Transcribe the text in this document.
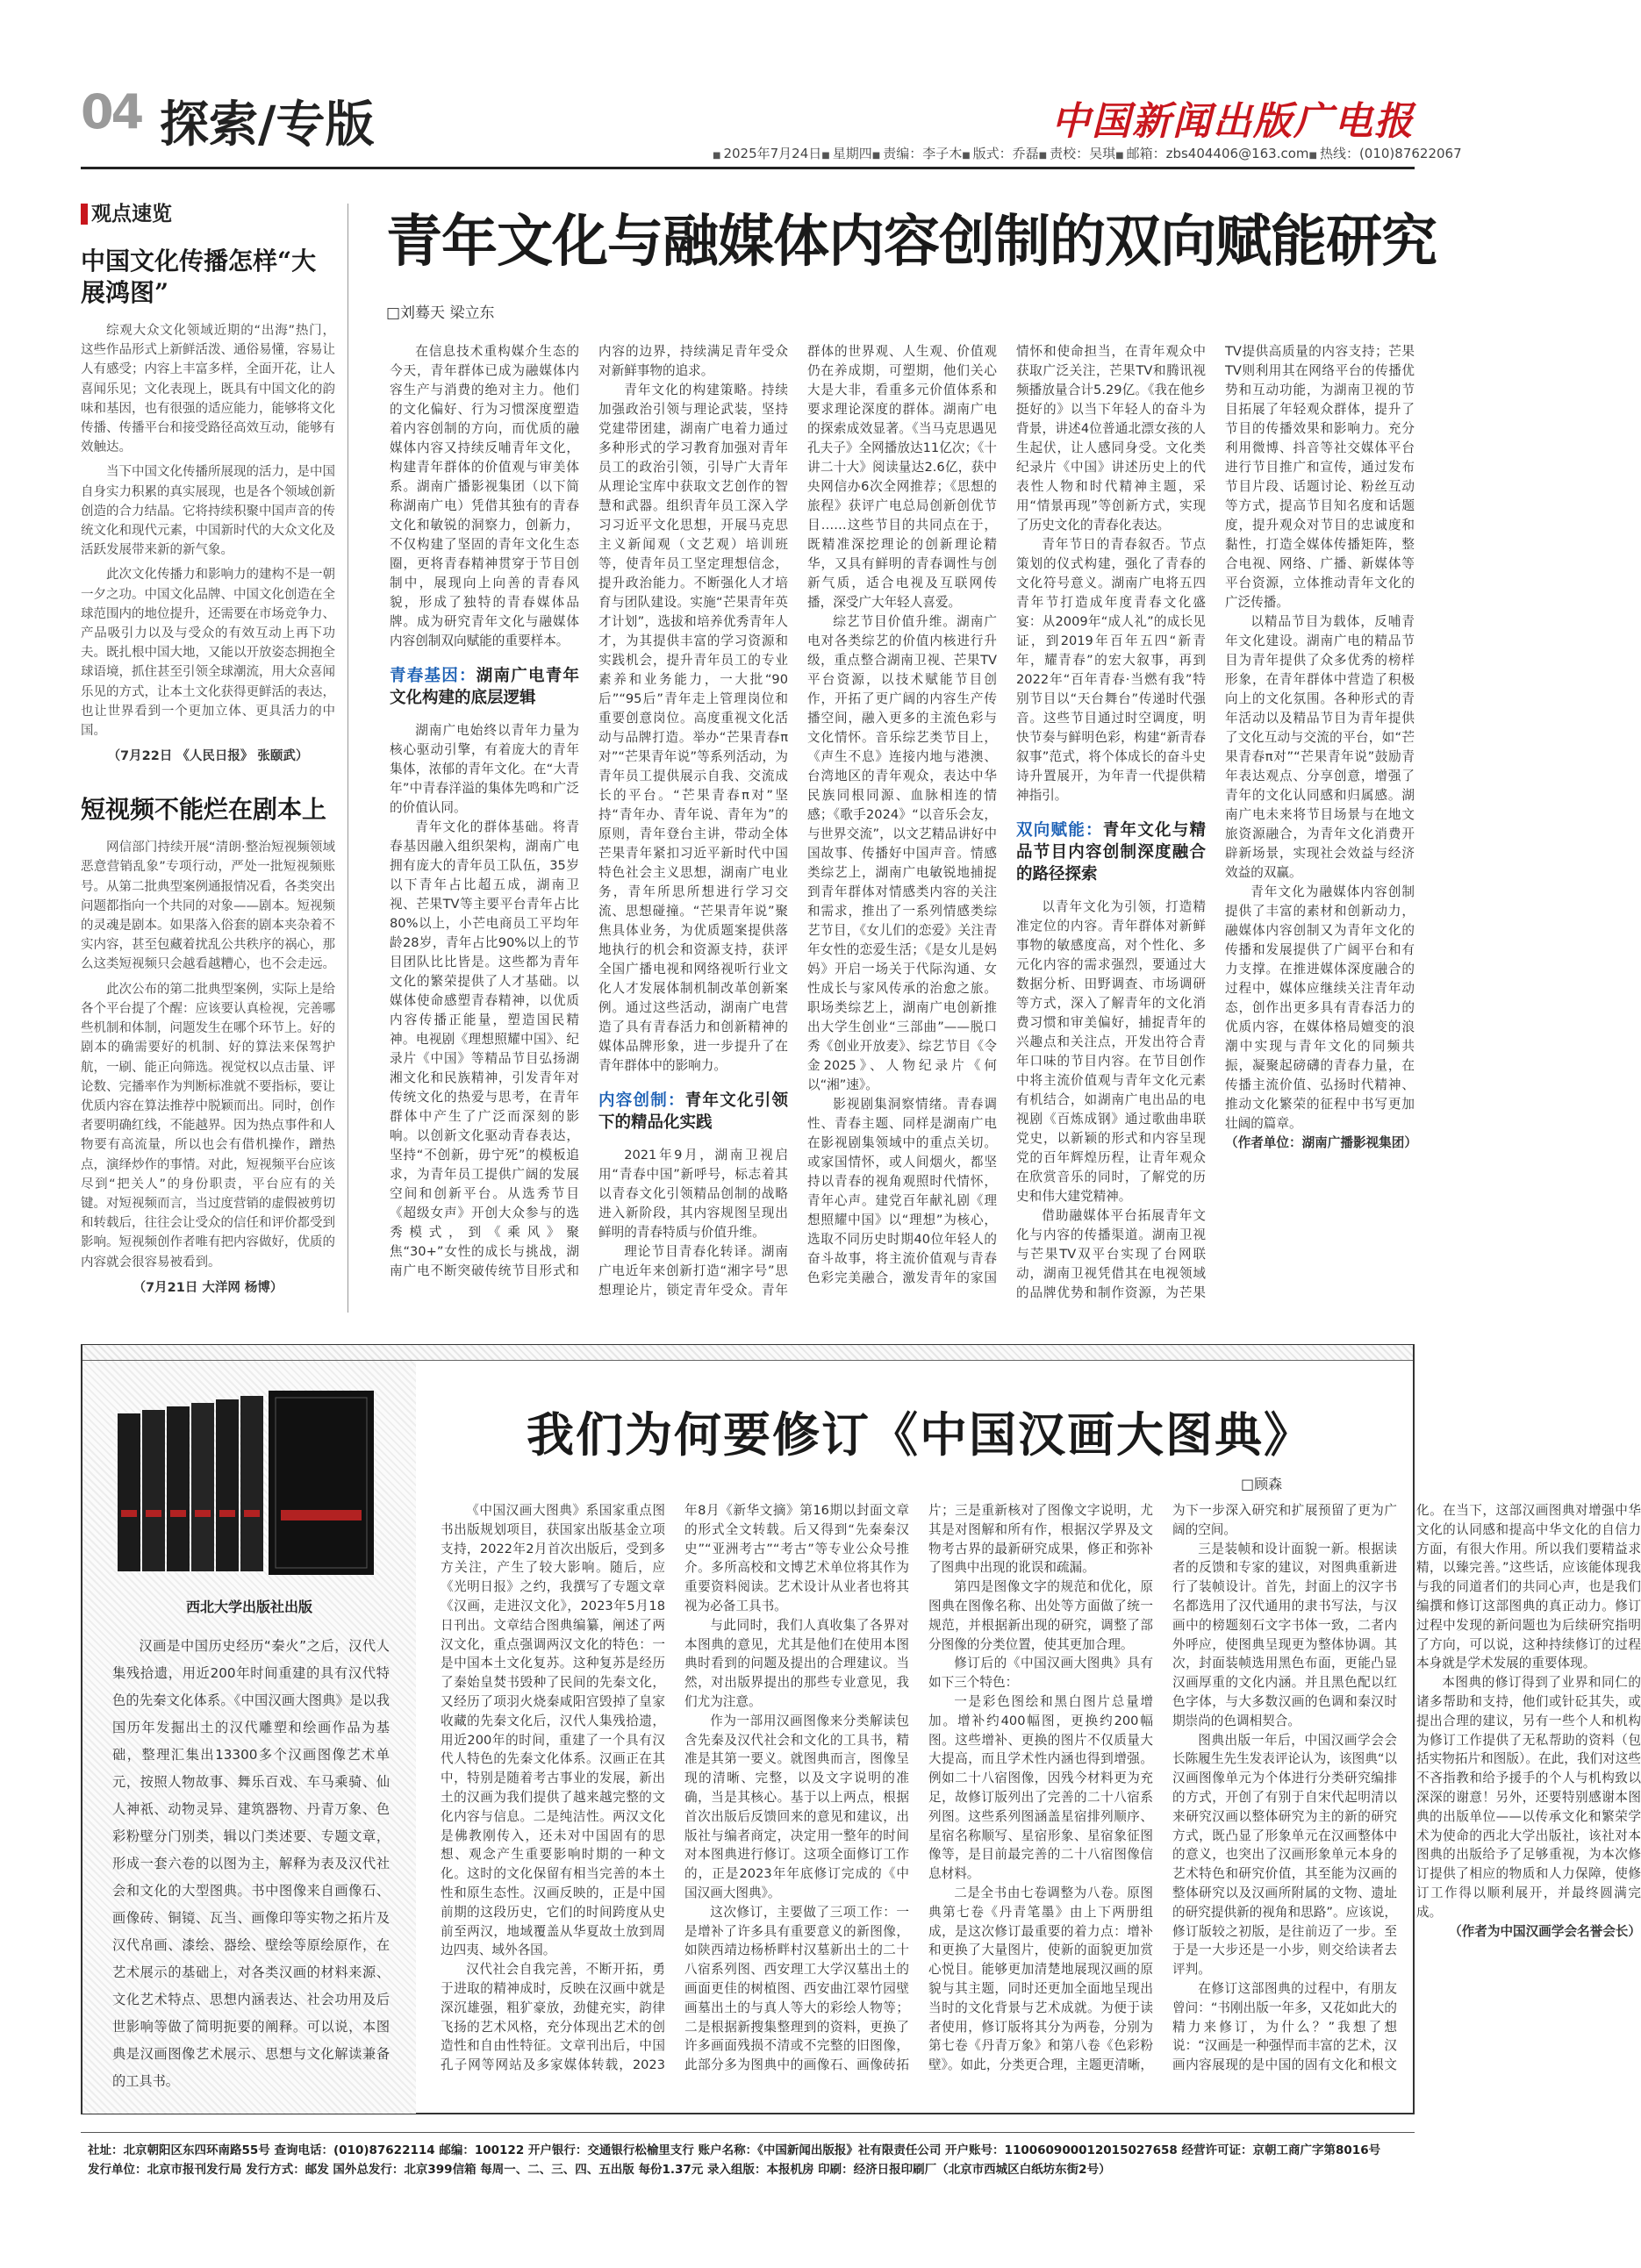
04 探索/专版	中国新闻出版广电报
■ 2025年7月24日 ■ 星期四 ■ 责编：李子木 ■ 版式：乔磊 ■ 责校：吴琪 ■ 邮箱：zbs404406@163.com ■ 热线：(010)87622067
观点速览
中国文化传播怎样“大展鸿图”

综观大众文化领域近期的“出海”热门，这些作品形式上新鲜活泼、通俗易懂，容易让人有感受；内容上丰富多样，全面开花，让人喜闻乐见；文化表现上，既具有中国文化的韵味和基因，也有很强的适应能力，能够将文化传播、传播平台和接受路径高效互动，能够有效触达。

当下中国文化传播所展现的活力，是中国自身实力积累的真实展现，也是各个领域创新创造的合力结晶。它将持续积聚中国声音的传统文化和现代元素，中国新时代的大众文化及活跃发展带来新的新气象。

此次文化传播力和影响力的建构不是一朝一夕之功。中国文化品牌、中国文化创造在全球范围内的地位提升，还需要在市场竞争力、产品吸引力以及与受众的有效互动上再下功夫。既扎根中国大地，又能以开放姿态拥抱全球语境，抓住甚至引领全球潮流，用大众喜闻乐见的方式，让本土文化获得更鲜活的表达，也让世界看到一个更加立体、更具活力的中国。

（7月22日 《人民日报》 张颐武）
短视频不能烂在剧本上

网信部门持续开展“清朗·整治短视频领域恶意营销乱象”专项行动，严处一批短视频账号。从第二批典型案例通报情况看，各类突出问题都指向一个共同的对象——剧本。短视频的灵魂是剧本。如果落入俗套的剧本夹杂着不实内容，甚至包藏着扰乱公共秩序的祸心，那么这类短视频只会越看越糟心，也不会走远。

此次公布的第二批典型案例，实际上是给各个平台提了个醒：应该要认真检视，完善哪些机制和体制，问题发生在哪个环节上。好的剧本的确需要好的机制、好的算法来保驾护航，一刷、能正向筛选。视觉权以点击量、评论数、完播率作为判断标准就不要指标，要让优质内容在算法推荐中脱颖而出。同时，创作者要明确红线，不能越界。因为热点事件和人物要有高流量，所以也会有借机操作，蹭热点，演绎炒作的事情。对此，短视频平台应该尽到“把关人”的身份职责，平台应有的关键。对短视频而言，当过度营销的虚假被剪切和转载后，往往会让受众的信任和评价都受到影响。短视频创作者唯有把内容做好，优质的内容就会很容易被看到。

（7月21日 大洋网 杨博）
青年文化与融媒体内容创制的双向赋能研究
□刘蓦天 梁立东

在信息技术重构媒介生态的今天，青年群体已成为融媒体内容生产与消费的绝对主力。他们的文化偏好、行为习惯深度塑造着内容创制的方向，而优质的融媒体内容又持续反哺青年文化，构建青年群体的价值观与审美体系。湖南广播影视集团（以下简称湖南广电）凭借其独有的青春文化和敏锐的洞察力，创新力，不仅构建了坚固的青年文化生态圈，更将青春精神贯穿于节目创制中，展现向上向善的青春风貌，形成了独特的青春媒体品牌。成为研究青年文化与融媒体内容创制双向赋能的重要样本。

青春基因：湖南广电青年文化构建的底层逻辑

湖南广电始终以青年力量为核心驱动引擎，有着庞大的青年集体，浓郁的青年文化。在“大青年”中青春洋溢的集体先鸣和广泛的价值认同。

青年文化的群体基础。将青春基因融入组织架构，湖南广电拥有庞大的青年员工队伍，35岁以下青年占比超五成，湖南卫视、芒果TV等主要平台青年占比80%以上，小芒电商员工平均年龄28岁，青年占比90%以上的节目团队比比皆是。这些都为青年文化的繁荣提供了人才基础。以媒体使命感塑青春精神，以优质内容传播正能量，塑造国民精神。电视剧《理想照耀中国》、纪录片《中国》等精品节目弘扬湖湘文化和民族精神，引发青年对传统文化的热爱与思考，在青年群体中产生了广泛而深刻的影响。以创新文化驱动青春表达，坚持“不创新，毋宁死”的模板追求，为青年员工提供广阔的发展空间和创新平台。从选秀节目《超级女声》开创大众参与的选秀模式，到《乘风》聚焦“30+”女性的成长与挑战，湖南广电不断突破传统节目形式和内容的边界，持续满足青年受众对新鲜事物的追求。

青年文化的构建策略。持续加强政治引领与理论武装，坚持党建带团建，湖南广电着力通过多种形式的学习教育加强对青年员工的政治引领，引导广大青年从理论宝库中获取文艺创作的智慧和武器。组织青年员工深入学习习近平文化思想，开展马克思主义新闻观（文艺观）培训班等，使青年员工坚定理想信念，提升政治能力。不断强化人才培育与团队建设。实施“芒果青年英才计划”，选拔和培养优秀青年人才，为其提供丰富的学习资源和实践机会，提升青年员工的专业素养和业务能力，一大批“90后”“95后”青年走上管理岗位和重要创意岗位。高度重视文化活动与品牌打造。举办“芒果青春π对”“芒果青年说”等系列活动，为青年员工提供展示自我、交流成长的平台。“芒果青春π对”坚持“青年办、青年说、青年为”的原则，青年登台主讲，带动全体芒果青年紧扣习近平新时代中国特色社会主义思想，湖南广电业务，青年所思所想进行学习交流、思想碰撞。“芒果青年说”聚焦具体业务，为优质题案提供落地执行的机会和资源支持，获评全国广播电视和网络视听行业文化人才发展体制机制改革创新案例。通过这些活动，湖南广电营造了具有青春活力和创新精神的媒体品牌形象，进一步提升了在青年群体中的影响力。

内容创制：青年文化引领下的精品化实践

2021年9月，湖南卫视启用“青春中国”新呼号，标志着其以青春文化引领精品创制的战略进入新阶段，其内容规图呈现出鲜明的青春特质与价值升维。

理论节目青春化转译。湖南广电近年来创新打造“湘字号”思想理论片，锁定青年受众。青年群体的世界观、人生观、价值观仍在养成期，可塑期，他们关心大是大非，看重多元价值体系和要求理论深度的群体。湖南广电的探索成效显著。《当马克思遇见孔夫子》全网播放达11亿次；《十讲二十大》阅读量达2.6亿，获中央网信办6次全网推荐；《思想的旅程》获评广电总局创新创优节目……这些节目的共同点在于，既精准深挖理论的创新理论精华，又具有鲜明的青春调性与创新气质，适合电视及互联网传播，深受广大年轻人喜爱。

综艺节目价值升维。湖南广电对各类综艺的价值内核进行升级，重点整合湖南卫视、芒果TV平台资源，以技术赋能节目创作，开拓了更广阔的内容生产传播空间，融入更多的主流色彩与文化情怀。音乐综艺类节目上，《声生不息》连接内地与港澳、台湾地区的青年观众，表达中华民族同根同源、血脉相连的情感；《歌手2024》“以音乐会友，与世界交流”，以文艺精品讲好中国故事、传播好中国声音。情感类综艺上，湖南广电敏锐地捕捉到青年群体对情感类内容的关注和需求，推出了一系列情感类综艺节目，《女儿们的恋爱》关注青年女性的恋爱生活；《是女儿是妈妈》开启一场关于代际沟通、女性成长与家风传承的治愈之旅。职场类综艺上，湖南广电创新推出大学生创业“三部曲”——脱口秀《创业开放麦》、综艺节目《令金2025》、人物纪录片《何以“湘”速》。

影视剧集洞察情绪。青春调性、青春主题、同样是湖南广电在影视剧集领域中的重点关切。或家国情怀，或人间烟火，都坚持以青春的视角观照时代情怀，青年心声。建党百年献礼剧《理想照耀中国》以“理想”为核心，选取不同历史时期40位年轻人的奋斗故事，将主流价值观与青春色彩完美融合，激发青年的家国情怀和使命担当，在青年观众中获取广泛关注，芒果TV和腾讯视频播放量合计5.29亿。《我在他乡挺好的》以当下年轻人的奋斗为背景，讲述4位普通北漂女孩的人生起伏，让人感同身受。文化类纪录片《中国》讲述历史上的代表性人物和时代精神主题，采用“情景再现”等创新方式，实现了历史文化的青春化表达。

青年节日的青春叙否。节点策划的仪式构建，强化了青春的文化符号意义。湖南广电将五四青年节打造成年度青春文化盛宴：从2009年“成人礼”的成长见证，到2019年百年五四“新青年，耀青春”的宏大叙事，再到2022年“百年青春·当燃有我”特别节目以“天台舞台”传递时代强音。这些节目通过时空调度，明快节奏与鲜明色彩，构建“新青春叙事”范式，将个体成长的奋斗史诗升置展开，为年青一代提供精神指引。

双向赋能：青年文化与精品节目内容创制深度融合的路径探索

以青年文化为引领，打造精准定位的内容。青年群体对新鲜事物的敏感度高，对个性化、多元化内容的需求强烈，要通过大数据分析、田野调查、市场调研等方式，深入了解青年的文化消费习惯和审美偏好，捕捉青年的兴趣点和关注点，开发出符合青年口味的节目内容。在节目创作中将主流价值观与青年文化元素有机结合，如湖南广电出品的电视剧《百炼成钢》通过歌曲串联党史，以新颖的形式和内容呈现党的百年辉煌历程，让青年观众在欣赏音乐的同时，了解党的历史和伟大建党精神。

借助融媒体平台拓展青年文化与内容的传播渠道。湖南卫视与芒果TV双平台实现了台网联动，湖南卫视凭借其在电视领域的品牌优势和制作资源，为芒果TV提供高质量的内容支持；芒果TV则利用其在网络平台的传播优势和互动功能，为湖南卫视的节目拓展了年轻观众群体，提升了节目的传播效果和影响力。充分利用微博、抖音等社交媒体平台进行节目推广和宣传，通过发布节目片段、话题讨论、粉丝互动等方式，提高节目知名度和话题度，提升观众对节目的忠诚度和黏性，打造全媒体传播矩阵，整合电视、网络、广播、新媒体等平台资源，立体推动青年文化的广泛传播。

以精品节目为载体，反哺青年文化建设。湖南广电的精品节目为青年提供了众多优秀的榜样形象，在青年群体中营造了积极向上的文化氛围。各种形式的青年活动以及精品节目为青年提供了文化互动与交流的平台，如“芒果青春π对”“芒果青年说”鼓励青年表达观点、分享创意，增强了青年的文化认同感和归属感。湖南广电未来将节目场景与在地文旅资源融合，为青年文化消费开辟新场景，实现社会效益与经济效益的双赢。

青年文化为融媒体内容创制提供了丰富的素材和创新动力，融媒体内容创制又为青年文化的传播和发展提供了广阔平台和有力支撑。在推进媒体深度融合的过程中，媒体应继续关注青年动态，创作出更多具有青春活力的优质内容，在媒体格局嬗变的浪潮中实现与青年文化的同频共振，凝聚起磅礴的青春力量，在传播主流价值、弘扬时代精神、推动文化繁荣的征程中书写更加壮阔的篇章。

（作者单位：湖南广播影视集团）

西北大学出版社出版

汉画是中国历史经历“秦火”之后，汉代人集残拾遗，用近200年时间重建的具有汉代特色的先秦文化体系。《中国汉画大图典》是以我国历年发掘出土的汉代雕塑和绘画作品为基础，整理汇集出13300多个汉画图像艺术单元，按照人物故事、舞乐百戏、车马乘骑、仙人神祇、动物灵异、建筑器物、丹青万象、色彩粉壁分门别类，辑以门类述要、专题文章，形成一套六卷的以图为主，解释为表及汉代社会和文化的大型图典。书中图像来自画像石、画像砖、铜镜、瓦当、画像印等实物之拓片及汉代帛画、漆绘、器绘、壁绘等原绘原作，在艺术展示的基础上，对各类汉画的材料来源、文化艺术特点、思想内涵表达、社会功用及后世影响等做了简明扼要的阐释。可以说，本图典是汉画图像艺术展示、思想与文化解读兼备的工具书。

我们为何要修订《中国汉画大图典》
□顾森

《中国汉画大图典》系国家重点图书出版规划项目，获国家出版基金立项支持，2022年2月首次出版后，受到多方关注，产生了较大影响。随后，应《光明日报》之约，我撰写了专题文章《汉画，走进汉文化》，2023年5月18日刊出。文章结合图典编纂，阐述了两汉文化，重点强调两汉文化的特色：一是中国本土文化复苏。这种复苏是经历了秦始皇焚书毁种了民间的先秦文化，又经历了项羽火烧秦咸阳宫毁掉了皇家收藏的先秦文化后，汉代人集残拾遗，用近200年的时间，重建了一个具有汉代人特色的先秦文化体系。汉画正在其中，特别是随着考古事业的发展，新出土的汉画为我们提供了越来越完整的文化内容与信息。二是纯洁性。两汉文化是佛教刚传入，还未对中国固有的思想、观念产生重要影响时期的一种文化。这时的文化保留有相当完善的本土性和原生态性。汉画反映的，正是中国前期的这段历史，它们的时间跨度从史前至两汉，地域覆盖从华夏故土放到周边四夷、域外各国。

汉代社会自我完善，不断开拓，勇于进取的精神成时，反映在汉画中就是深沉雄强，粗犷豪放，劲健充实，韵律飞扬的艺术风格，充分体现出艺术的创造性和自由性特征。文章刊出后，中国孔子网等网站及多家媒体转载，2023年8月《新华文摘》第16期以封面文章的形式全文转载。后又得到“先秦秦汉史”“亚洲考古”“考古”等专业公众号推介。多所高校和文博艺术单位将其作为重要资料阅读。艺术设计从业者也将其视为必备工具书。

与此同时，我们人真收集了各界对本图典的意见，尤其是他们在使用本图典时看到的问题及提出的合理建议。当然，对出版界提出的那些专业意见，我们尤为注意。

作为一部用汉画图像来分类解读包含先秦及汉代社会和文化的工具书，精准是其第一要义。就图典而言，图像呈现的清晰、完整，以及文字说明的准确，当是其核心。基于以上两点，根据首次出版后反馈回来的意见和建议，出版社与编者商定，决定用一整年的时间对本图典进行修订。这项全面修订工作的，正是2023年年底修订完成的《中国汉画大图典》。

这次修订，主要做了三项工作：一是增补了许多具有重要意义的新图像，如陕西靖边杨桥畔村汉墓新出土的二十八宿系列图、西安理工大学汉墓出土的画面更佳的树植图、西安曲江翠竹园壁画墓出土的与真人等大的彩绘人物等；二是根据新搜集整理到的资料，更换了许多画面残损不清或不完整的旧图像，此部分多为图典中的画像石、画像砖拓片；三是重新核对了图像文字说明，尤其是对图解和所有作，根据汉学界及文物考古界的最新研究成果，修正和弥补了图典中出现的讹误和疏漏。

第四是图像文字的规范和优化，原图典在图像名称、出处等方面做了统一规范，并根据新出现的研究，调整了部分图像的分类位置，使其更加合理。

修订后的《中国汉画大图典》具有如下三个特色：

一是彩色图绘和黑白图片总量增加。增补约400幅图，更换约200幅图。这些增补、更换的图片不仅质量大大提高，而且学术性内涵也得到增强。例如二十八宿图像，因残今材料更为充足，故修订版列出了完善的二十八宿系列图。这些系列图涵盖星宿排列顺序、星宿名称顺写、星宿形象、星宿象征图像等，是目前最完善的二十八宿图像信息材料。

二是全书由七卷调整为八卷。原图典第七卷《丹青笔墨》由上下两册组成，是这次修订最重要的着力点：增补和更换了大量图片，使新的面貌更加赏心悦目。能够更加清楚地展现汉画的原貌与其主题，同时还更加全面地呈现出当时的文化背景与艺术成就。为便于读者使用，修订版将其分为两卷，分别为第七卷《丹青万象》和第八卷《色彩粉壁》。如此，分类更合理，主题更清晰，为下一步深入研究和扩展预留了更为广阔的空间。

三是装帧和设计面貌一新。根据读者的反馈和专家的建议，对图典重新进行了装帧设计。首先，封面上的汉字书名都选用了汉代通用的隶书写法，与汉画中的榜题刻石文字书体一致，二者内外呼应，使图典呈现更为整体协调。其次，封面装帧选用黑色布面，更能凸显汉画厚重的文化内涵。并且黑色配以红色字体，与大多数汉画的色调和秦汉时期崇尚的色调相契合。

图典出版一年后，中国汉画学会会长陈履生先生发表评论认为，该图典“以汉画图像单元为个体进行分类研究编排的方式，开创了有别于自宋代起明清以来研究汉画以整体研究为主的新的研究方式，既凸显了形象单元在汉画整体中的意义，也突出了汉画形象单元本身的艺术特色和研究价值，其至能为汉画的整体研究以及汉画所附属的文物、遗址的研究提供新的视角和思路”。应该说，修订版较之初版，是往前迈了一步。至于是一大步还是一小步，则交给读者去评判。

在修订这部图典的过程中，有朋友曾问：“书刚出版一年多，又花如此大的精力来修订，为什么？”我想了想说：“汉画是一种强悍而丰富的艺术，汉画内容展现的是中国的固有文化和根文化。在当下，这部汉画图典对增强中华文化的认同感和提高中华文化的自信力方面，有很大作用。所以我们要精益求精，以臻完善。”这些话，应该能体现我与我的同道者们的共同心声，也是我们编撰和修订这部图典的真正动力。修订过程中发现的新问题也为后续研究指明了方向，可以说，这种持续修订的过程本身就是学术发展的重要体现。

本图典的修订得到了业界和同仁的诸多帮助和支持，他们或针砭其失，或提出合理的建议，另有一些个人和机构为修订工作提供了无私帮助的资料（包括实物拓片和图版）。在此，我们对这些不吝指教和给予援手的个人与机构致以深深的谢意！另外，还要特别感谢本图典的出版单位——以传承文化和繁荣学术为使命的西北大学出版社，该社对本图典的出版给予了足够重视，为本次修订提供了相应的物质和人力保障，使修订工作得以顺利展开，并最终圆满完成。

（作者为中国汉画学会名誉会长）

社址：北京朝阳区东四环南路55号 查询电话：(010)87622114 邮编：100122 开户银行：交通银行松榆里支行 账户名称：《中国新闻出版报》社有限责任公司 开户账号：110060900012015027658 经营许可证：京朝工商广字第8016号
发行单位：北京市报刊发行局 发行方式：邮发 国外总发行：北京399信箱 每周一、二、三、四、五出版 每份1.37元 录入组版：本报机房 印刷：经济日报印刷厂（北京市西城区白纸坊东街2号）
